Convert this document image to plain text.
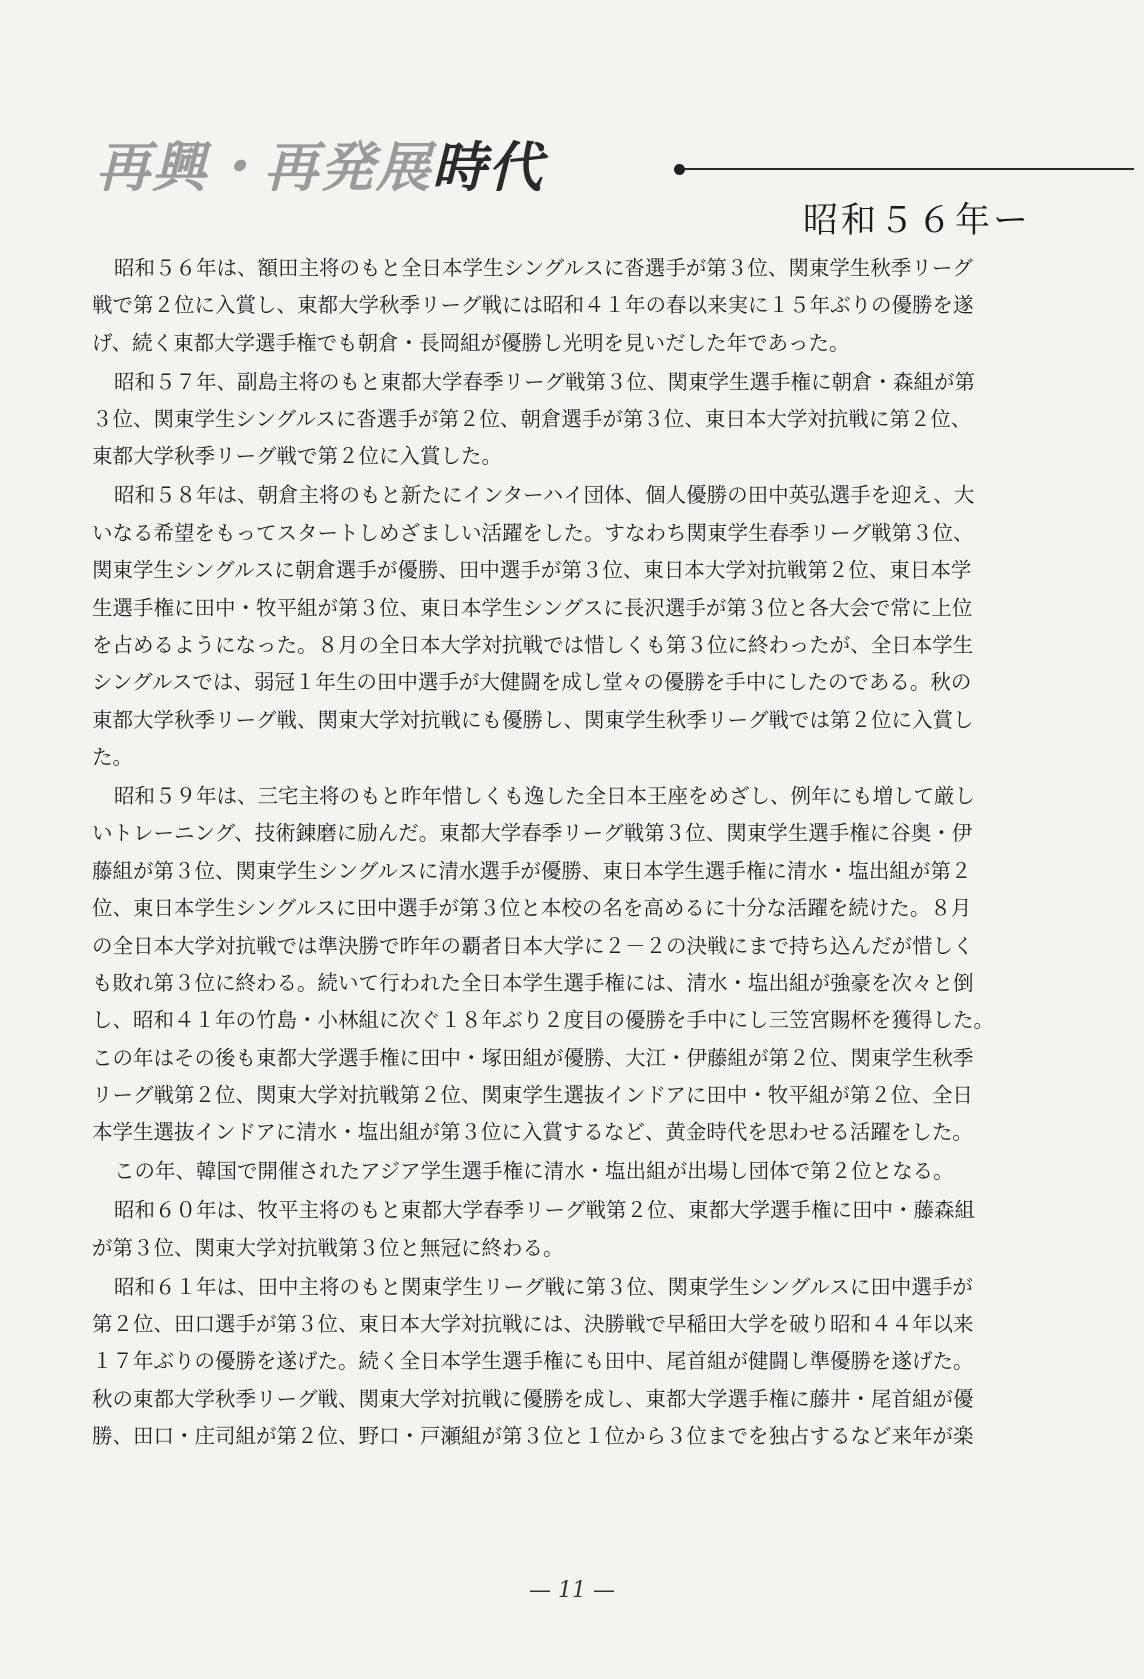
再興・再発展時代
昭和５６年ー
昭和５６年は、額田主将のもと全日本学生シングルスに沓選手が第３位、関東学生秋季リーグ
戦で第２位に入賞し、東都大学秋季リーグ戦には昭和４１年の春以来実に１５年ぶりの優勝を遂
げ、続く東都大学選手権でも朝倉・長岡組が優勝し光明を見いだした年であった。
昭和５７年、副島主将のもと東都大学春季リーグ戦第３位、関東学生選手権に朝倉・森組が第
３位、関東学生シングルスに沓選手が第２位、朝倉選手が第３位、東日本大学対抗戦に第２位、
東都大学秋季リーグ戦で第２位に入賞した。
昭和５８年は、朝倉主将のもと新たにインターハイ団体、個人優勝の田中英弘選手を迎え、大
いなる希望をもってスタートしめざましい活躍をした。すなわち関東学生春季リーグ戦第３位、
関東学生シングルスに朝倉選手が優勝、田中選手が第３位、東日本大学対抗戦第２位、東日本学
生選手権に田中・牧平組が第３位、東日本学生シングスに長沢選手が第３位と各大会で常に上位
を占めるようになった。８月の全日本大学対抗戦では惜しくも第３位に終わったが、全日本学生
シングルスでは、弱冠１年生の田中選手が大健闘を成し堂々の優勝を手中にしたのである。秋の
東都大学秋季リーグ戦、関東大学対抗戦にも優勝し、関東学生秋季リーグ戦では第２位に入賞し
た。
昭和５９年は、三宅主将のもと昨年惜しくも逸した全日本王座をめざし、例年にも増して厳し
いトレーニング、技術錬磨に励んだ。東都大学春季リーグ戦第３位、関東学生選手権に谷奥・伊
藤組が第３位、関東学生シングルスに清水選手が優勝、東日本学生選手権に清水・塩出組が第２
位、東日本学生シングルスに田中選手が第３位と本校の名を高めるに十分な活躍を続けた。８月
の全日本大学対抗戦では準決勝で昨年の覇者日本大学に２－２の決戦にまで持ち込んだが惜しく
も敗れ第３位に終わる。続いて行われた全日本学生選手権には、清水・塩出組が強豪を次々と倒
し、昭和４１年の竹島・小林組に次ぐ１８年ぶり２度目の優勝を手中にし三笠宮賜杯を獲得した。
この年はその後も東都大学選手権に田中・塚田組が優勝、大江・伊藤組が第２位、関東学生秋季
リーグ戦第２位、関東大学対抗戦第２位、関東学生選抜インドアに田中・牧平組が第２位、全日
本学生選抜インドアに清水・塩出組が第３位に入賞するなど、黄金時代を思わせる活躍をした。
この年、韓国で開催されたアジア学生選手権に清水・塩出組が出場し団体で第２位となる。
昭和６０年は、牧平主将のもと東都大学春季リーグ戦第２位、東都大学選手権に田中・藤森組
が第３位、関東大学対抗戦第３位と無冠に終わる。
昭和６１年は、田中主将のもと関東学生リーグ戦に第３位、関東学生シングルスに田中選手が
第２位、田口選手が第３位、東日本大学対抗戦には、決勝戦で早稲田大学を破り昭和４４年以来
１７年ぶりの優勝を遂げた。続く全日本学生選手権にも田中、尾首組が健闘し準優勝を遂げた。
秋の東都大学秋季リーグ戦、関東大学対抗戦に優勝を成し、東都大学選手権に藤井・尾首組が優
勝、田口・庄司組が第２位、野口・戸瀬組が第３位と１位から３位までを独占するなど来年が楽
— 11 —
